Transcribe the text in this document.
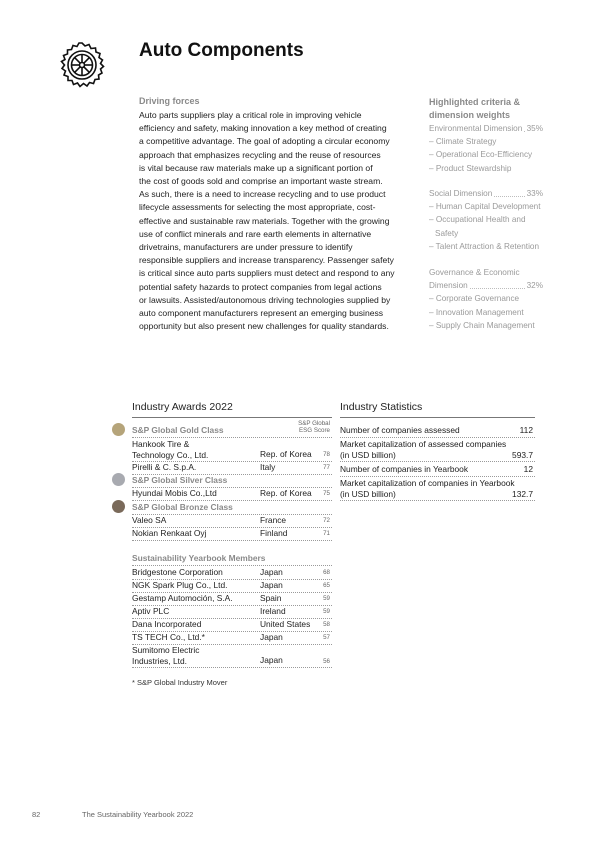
Auto Components
Driving forces
Auto parts suppliers play a critical role in improving vehicle
efficiency and safety, making innovation a key method of creating
a competitive advantage. The goal of adopting a circular economy
approach that emphasizes recycling and the reuse of resources
is vital because raw materials make up a significant portion of
the cost of goods sold and comprise an important waste stream.
As such, there is a need to increase recycling and to use product
lifecycle assessments for selecting the most appropriate, cost-
effective and sustainable raw materials. Together with the growing
use of conflict minerals and rare earth elements in alternative
drivetrains, manufacturers are under pressure to identify
responsible suppliers and increase transparency. Passenger safety
is critical since auto parts suppliers must detect and respond to any
potential safety hazards to protect companies from legal actions
or lawsuits. Assisted/autonomous driving technologies supplied by
auto component manufacturers represent an emerging business
opportunity but also present new challenges for quality standards.
Highlighted criteria &
dimension weights
Environmental Dimension 35%
– Climate Strategy
– Operational Eco-Efficiency
– Product Stewardship
Social Dimension	33%
– Human Capital Development
– Occupational Health and
Safety
– Talent Attraction & Retention
Governance & Economic
Dimension	32%
– Corporate Governance
– Innovation Management
– Supply Chain Management
Industry Awards 2022
S&P Global
ESG Score
S&P Global Gold Class
Hankook Tire &
Technology Co., Ltd.	Rep. of Korea	78
Pirelli & C. S.p.A.	Italy	77
S&P Global Silver Class
Hyundai Mobis Co.,Ltd	Rep. of Korea	75
S&P Global Bronze Class
Valeo SA	France	72
Nokian Renkaat Oyj	Finland	71
Sustainability Yearbook Members
Bridgestone Corporation	Japan	68
NGK Spark Plug Co., Ltd.	Japan	65
Gestamp Automoción, S.A.	Spain	59
Aptiv PLC	Ireland	59
Dana Incorporated	United States	58
TS TECH Co., Ltd.*	Japan	57
Sumitomo Electric
Industries, Ltd.	Japan	56
* S&P Global Industry Mover
Industry Statistics
Number of companies assessed	112
Market capitalization of assessed companies
(in USD billion)	593.7
Number of companies in Yearbook	12
Market capitalization of companies in Yearbook
(in USD billion)	132.7
82	The Sustainability Yearbook 2022
